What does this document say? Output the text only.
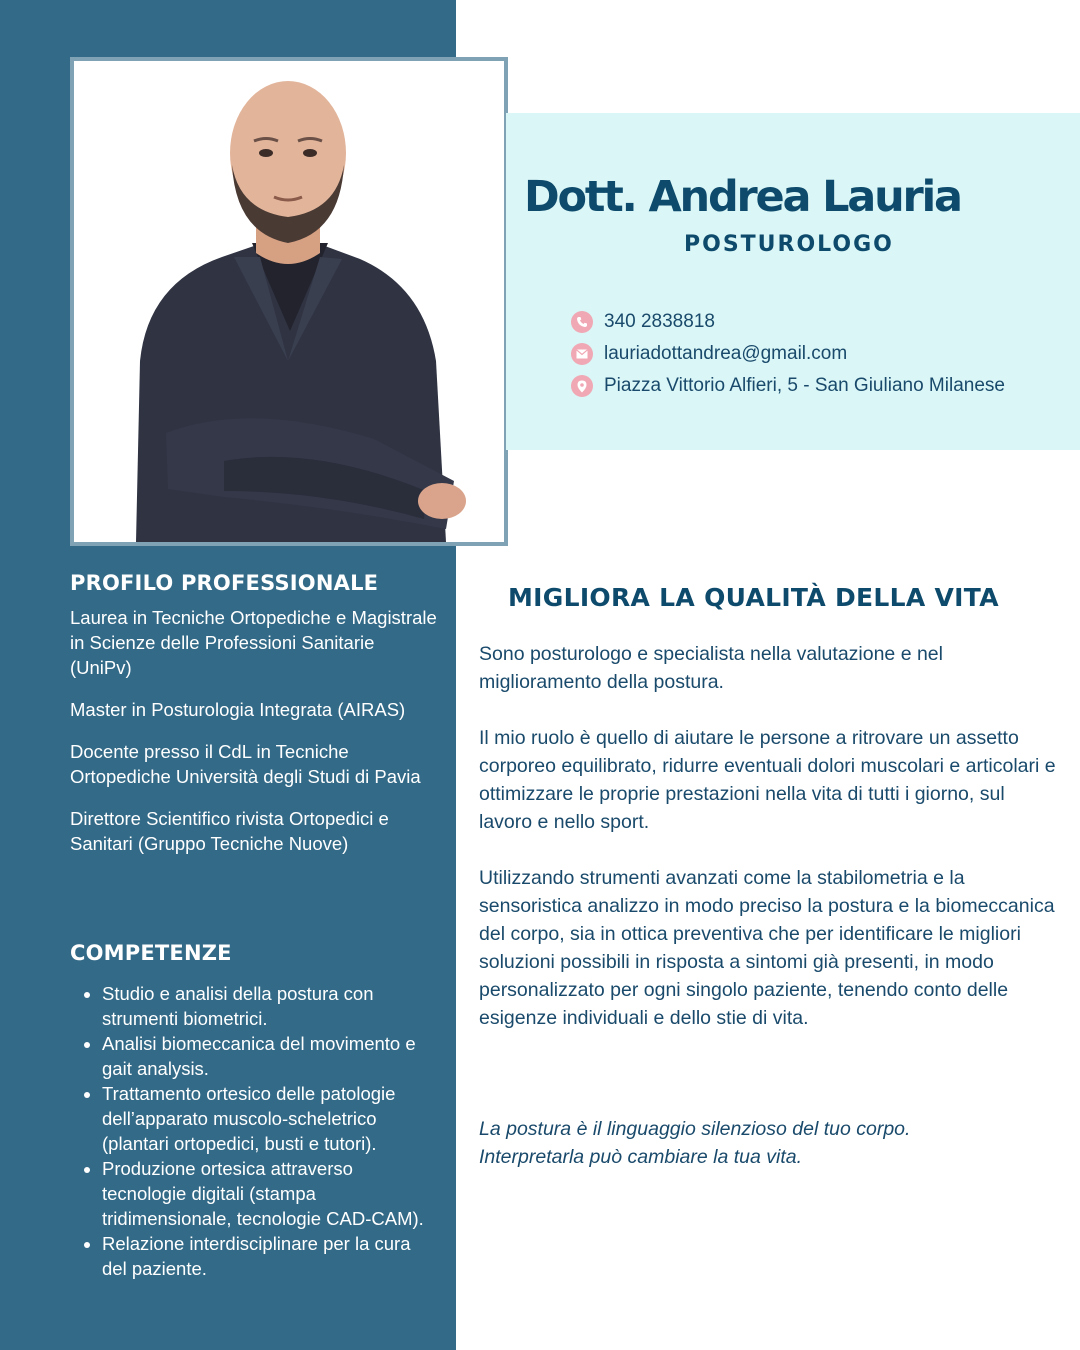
Dott. Andrea Lauria
POSTUROLOGO
340 2838818
lauriadottandrea@gmail.com
Piazza Vittorio Alfieri, 5 - San Giuliano Milanese
PROFILO PROFESSIONALE

Laurea in Tecniche Ortopediche e Magistrale in Scienze delle Professioni Sanitarie (UniPv)

Master in Posturologia Integrata (AIRAS)

Docente presso il CdL in Tecniche Ortopediche Università degli Studi di Pavia

Direttore Scientifico rivista Ortopedici e Sanitari (Gruppo Tecniche Nuove)

COMPETENZE
• Studio e analisi della postura con strumenti biometrici.
• Analisi biomeccanica del movimento e gait analysis.
• Trattamento ortesico delle patologie dell’apparato muscolo-scheletrico (plantari ortopedici, busti e tutori).
• Produzione ortesica attraverso tecnologie digitali (stampa tridimensionale, tecnologie CAD-CAM).
• Relazione interdisciplinare per la cura del paziente.
MIGLIORA LA QUALITÀ DELLA VITA

Sono posturologo e specialista nella valutazione e nel miglioramento della postura.

Il mio ruolo è quello di aiutare le persone a ritrovare un assetto corporeo equilibrato, ridurre eventuali dolori muscolari e articolari e ottimizzare le proprie prestazioni nella vita di tutti i giorno, sul lavoro e nello sport.

Utilizzando strumenti avanzati come la stabilometria e la sensoristica analizzo in modo preciso la postura e la biomeccanica del corpo, sia in ottica preventiva che per identificare le migliori soluzioni possibili in risposta a sintomi già presenti, in modo personalizzato per ogni singolo paziente, tenendo conto delle esigenze individuali e dello stie di vita.

La postura è il linguaggio silenzioso del tuo corpo.
Interpretarla può cambiare la tua vita.
